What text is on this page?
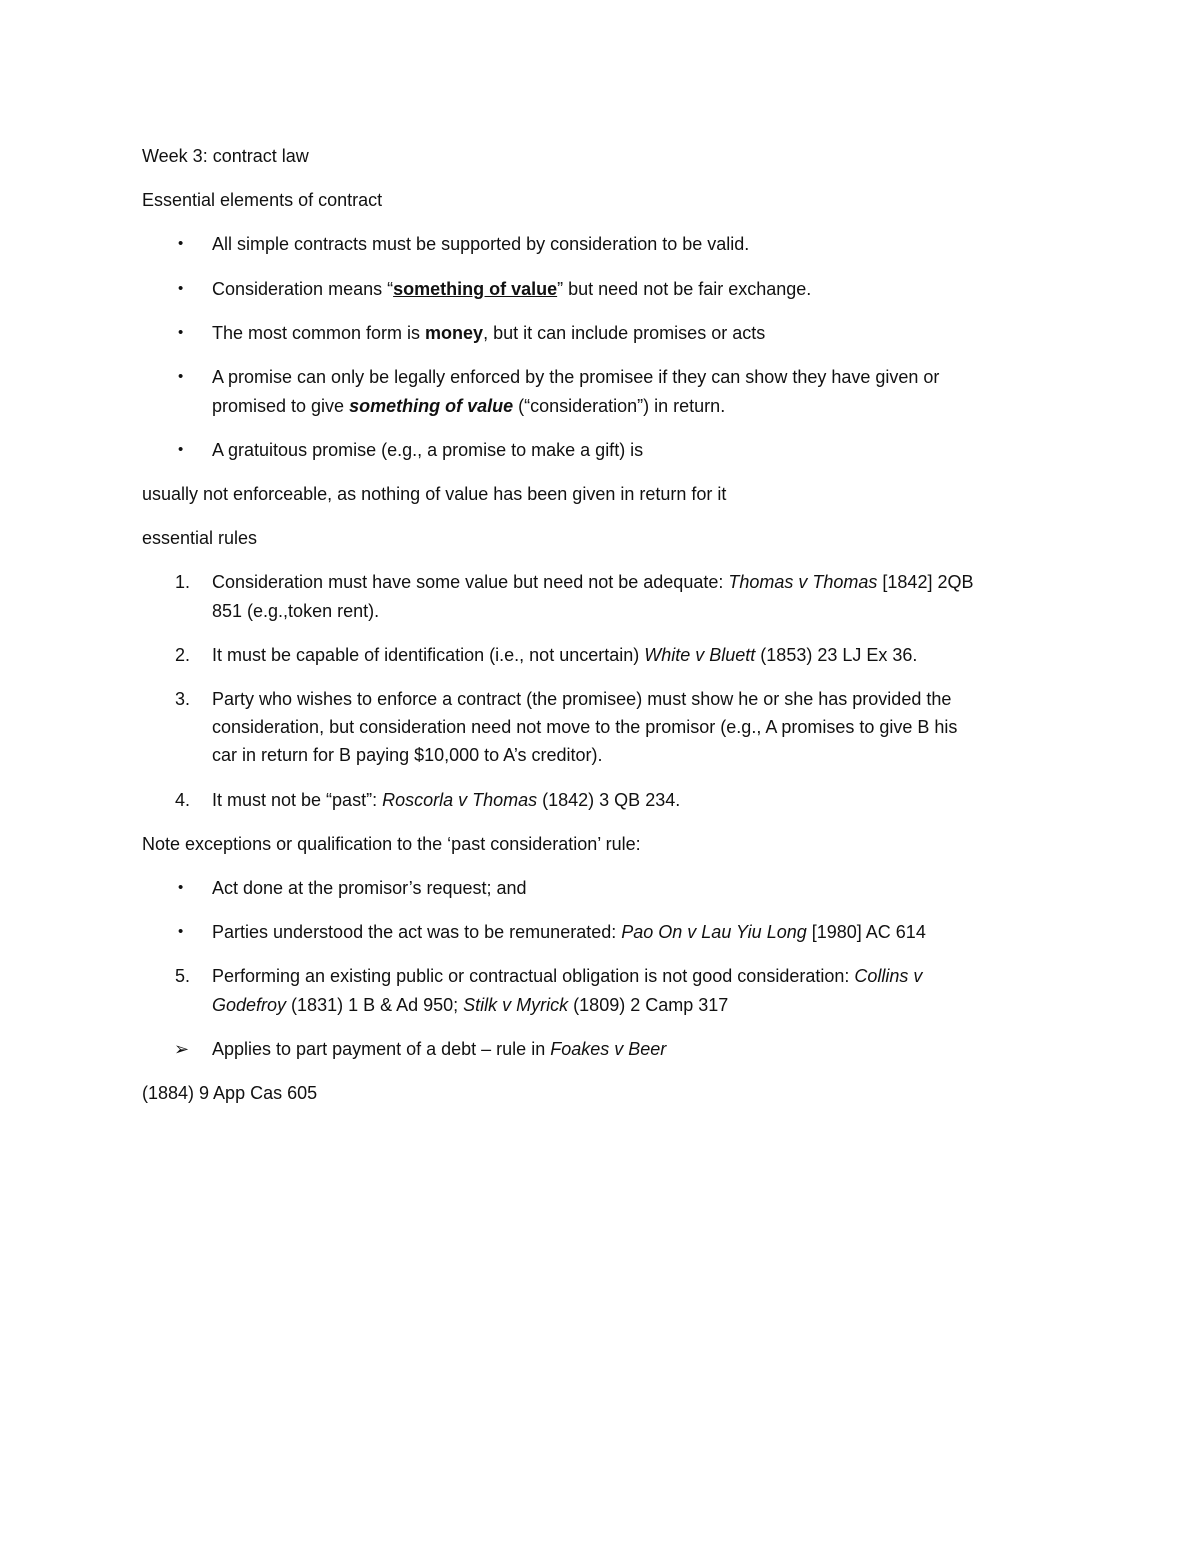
Week 3: contract law
Essential elements of contract
•	All simple contracts must be supported by consideration to be valid.
•	Consideration means “something of value” but need not be fair exchange.
•	The most common form is money, but it can include promises or acts
•	A promise can only be legally enforced by the promisee if they can show they have given or
promised to give something of value (“consideration”) in return.
•	A gratuitous promise (e.g., a promise to make a gift) is
usually not enforceable, as nothing of value has been given in return for it
essential rules
1.	Consideration must have some value but need not be adequate: Thomas v Thomas [1842] 2QB
851 (e.g.,token rent).
2.	It must be capable of identification (i.e., not uncertain) White v Bluett (1853) 23 LJ Ex 36.
3.	Party who wishes to enforce a contract (the promisee) must show he or she has provided the
consideration, but consideration need not move to the promisor (e.g., A promises to give B his
car in return for B paying $10,000 to A’s creditor).
4.	It must not be “past”: Roscorla v Thomas (1842) 3 QB 234.
Note exceptions or qualification to the ‘past consideration’ rule:
•	Act done at the promisor’s request; and
•	Parties understood the act was to be remunerated: Pao On v Lau Yiu Long [1980] AC 614
5.	Performing an existing public or contractual obligation is not good consideration: Collins v
Godefroy (1831) 1 B & Ad 950; Stilk v Myrick (1809) 2 Camp 317
➢	Applies to part payment of a debt – rule in Foakes v Beer
(1884) 9 App Cas 605
